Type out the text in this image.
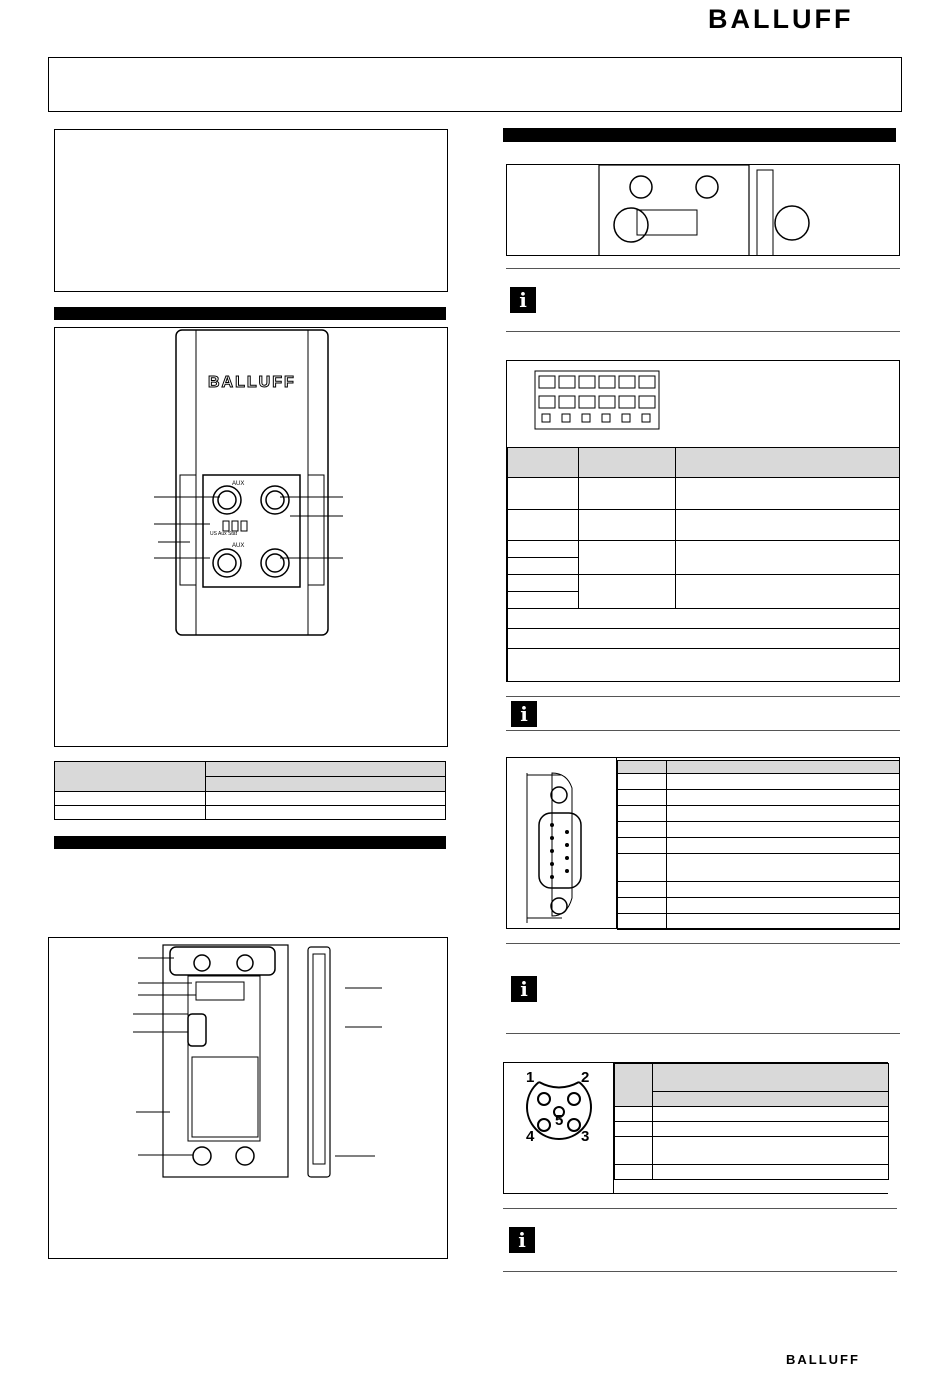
BALLUFF
BALLUFF
AUX
AUX
US Aux Stat

i

i

i
1	2
5
4	3

i
BALLUFF
